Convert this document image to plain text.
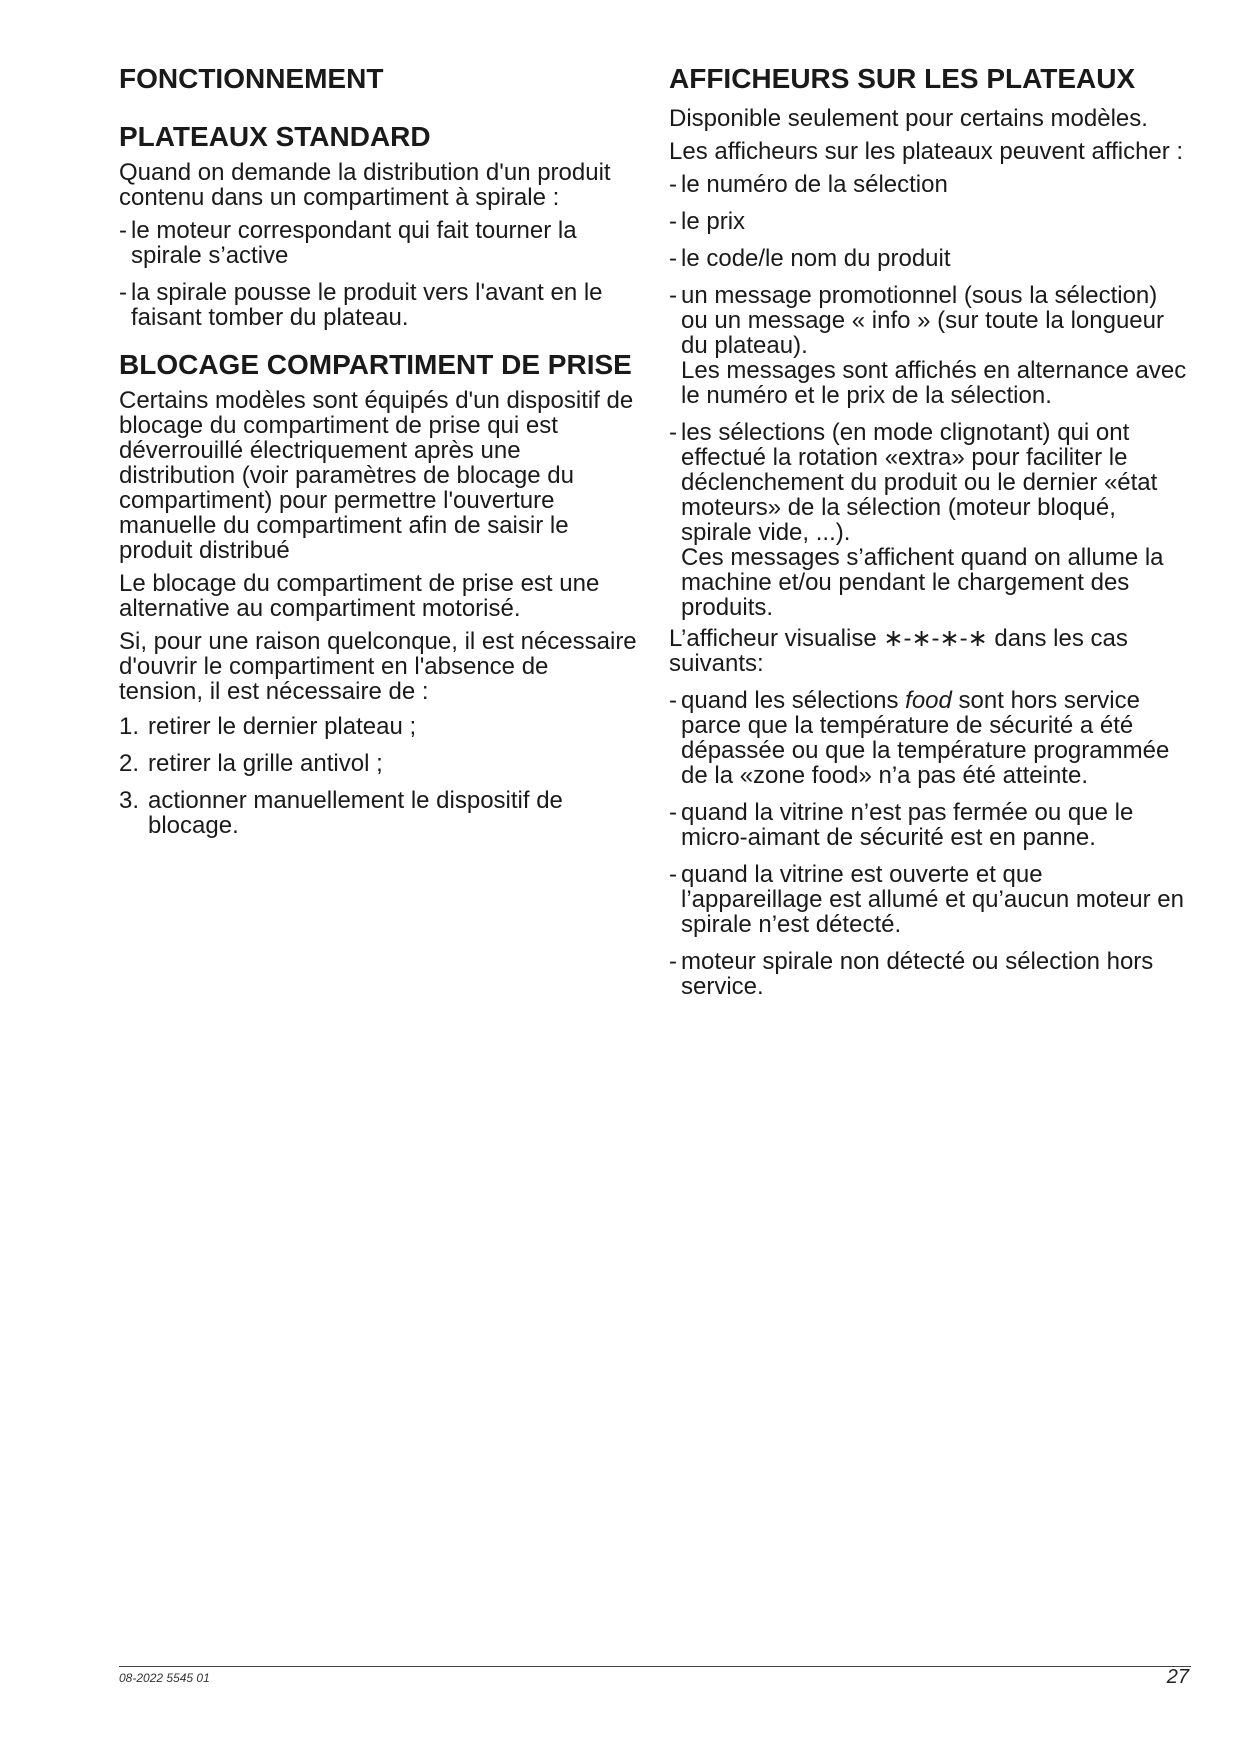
FONCTIONNEMENT
PLATEAUX STANDARD

Quand on demande la distribution d'un produit contenu dans un compartiment à spirale :

- le moteur correspondant qui fait tourner la spirale s’active
- la spirale pousse le produit vers l'avant en le faisant tomber du plateau.
BLOCAGE COMPARTIMENT DE PRISE

Certains modèles sont équipés d'un dispositif de blocage du compartiment de prise qui est déverrouillé électriquement après une distribution (voir paramètres de blocage du compartiment) pour permettre l'ouverture manuelle du compartiment afin de saisir le produit distribué

Le blocage du compartiment de prise est une alternative au compartiment motorisé.

Si, pour une raison quelconque, il est nécessaire d'ouvrir le compartiment en l'absence de tension, il est nécessaire de :

1. retirer le dernier plateau ;
2. retirer la grille antivol ;
3. actionner manuellement le dispositif de blocage.
AFFICHEURS SUR LES PLATEAUX

Disponible seulement pour certains modèles.

Les afficheurs sur les plateaux peuvent afficher :

- le numéro de la sélection
- le prix
- le code/le nom du produit
- un message promotionnel (sous la sélection) ou un message « info » (sur toute la longueur du plateau).
Les messages sont affichés en alternance avec le numéro et le prix de la sélection.
- les sélections (en mode clignotant) qui ont effectué la rotation «extra» pour faciliter le déclenchement du produit ou le dernier «état moteurs» de la sélection (moteur bloqué, spirale vide, ...).
Ces messages s’affichent quand on allume la machine et/ou pendant le chargement des produits.

L’afficheur visualise ∗-∗-∗-∗ dans les cas suivants:

- quand les sélections food sont hors service parce que la température de sécurité a été dépassée ou que la température programmée de la «zone food» n’a pas été atteinte.
- quand la vitrine n’est pas fermée ou que le micro-aimant de sécurité est en panne.
- quand la vitrine est ouverte et que l’appareillage est allumé et qu’aucun moteur en spirale n’est détecté.
- moteur spirale non détecté ou sélection hors service.
08-2022 5545 01	27
